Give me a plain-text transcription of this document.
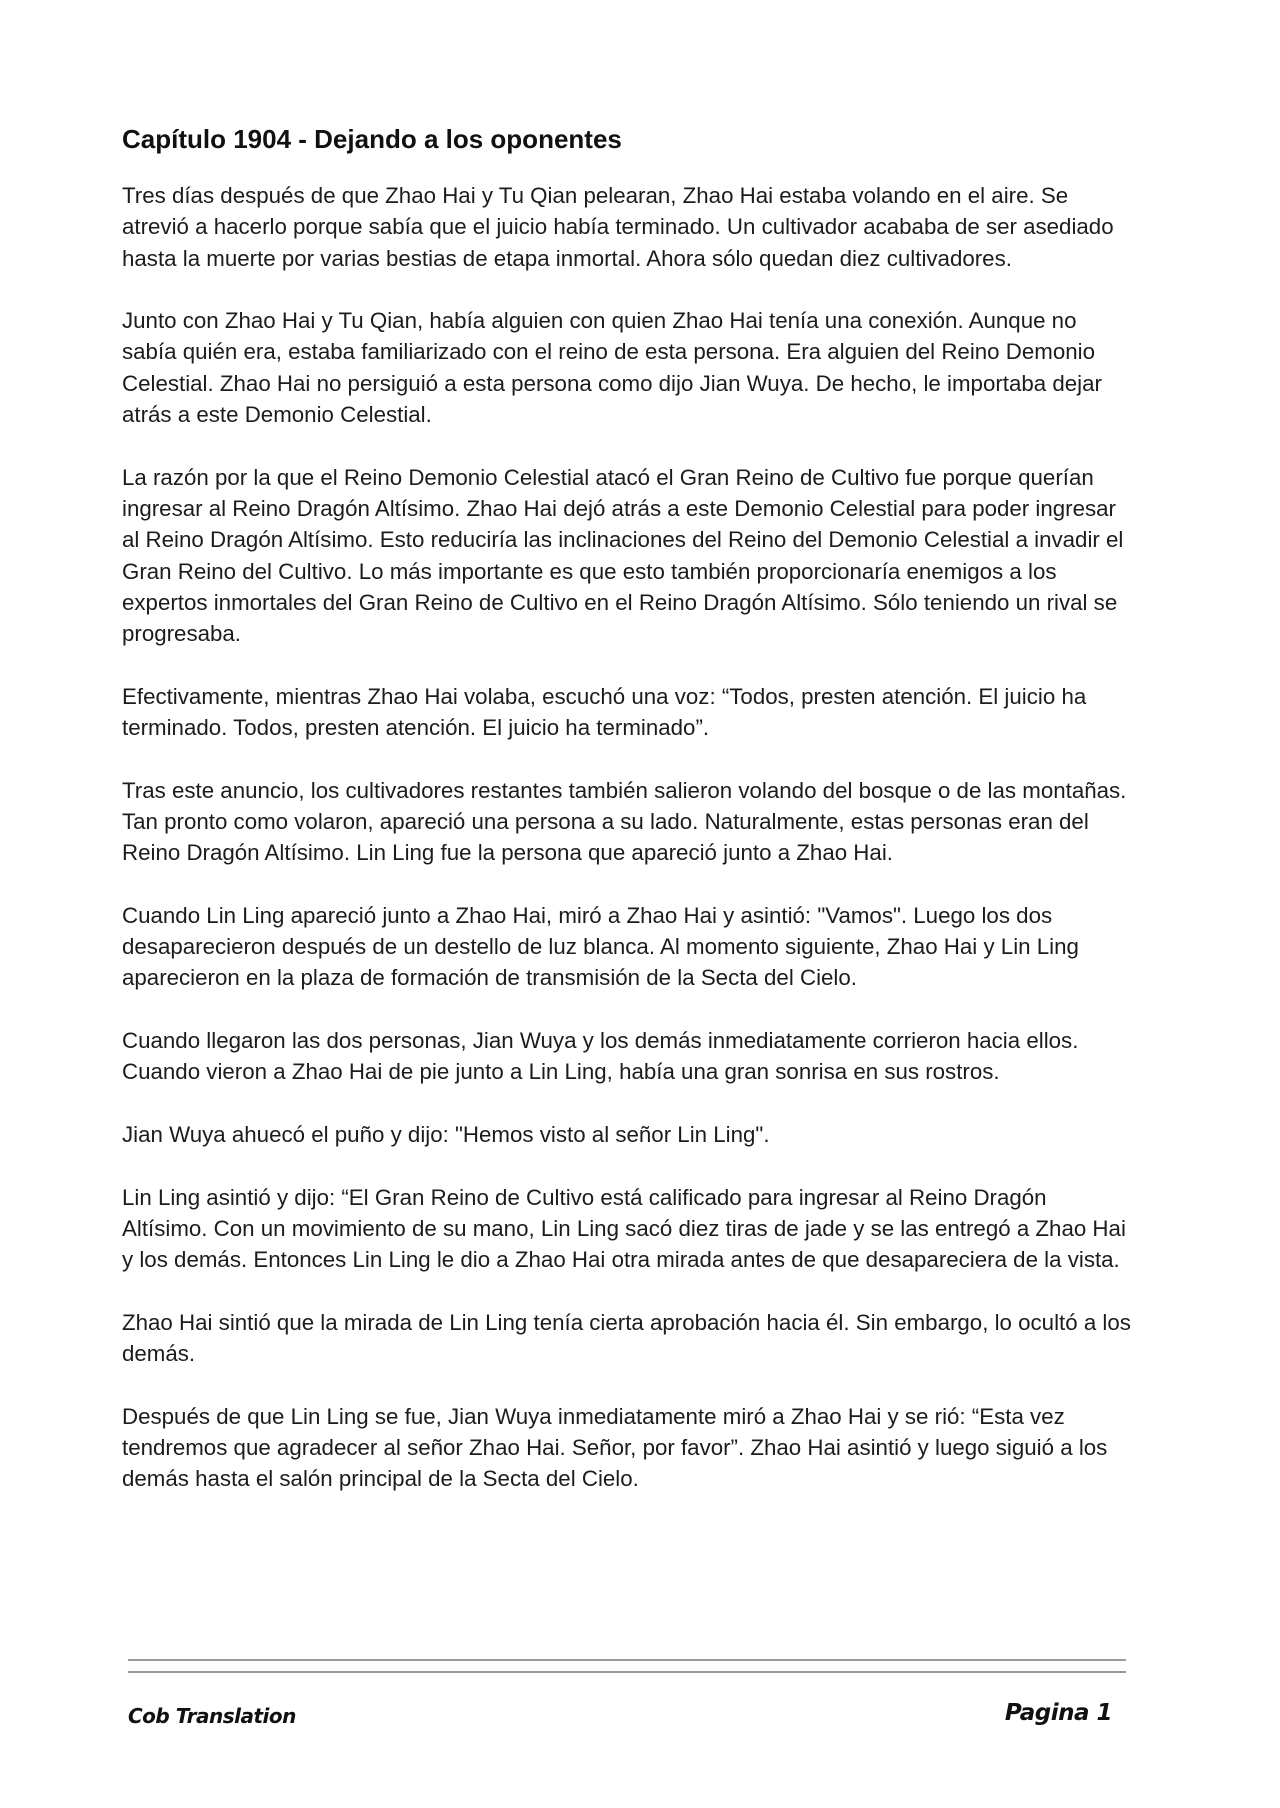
Capítulo 1904 - Dejando a los oponentes

Tres días después de que Zhao Hai y Tu Qian pelearan, Zhao Hai estaba volando en el aire. Se atrevió a hacerlo porque sabía que el juicio había terminado. Un cultivador acababa de ser asediado hasta la muerte por varias bestias de etapa inmortal. Ahora sólo quedan diez cultivadores.

Junto con Zhao Hai y Tu Qian, había alguien con quien Zhao Hai tenía una conexión. Aunque no sabía quién era, estaba familiarizado con el reino de esta persona. Era alguien del Reino Demonio Celestial. Zhao Hai no persiguió a esta persona como dijo Jian Wuya. De hecho, le importaba dejar atrás a este Demonio Celestial.

La razón por la que el Reino Demonio Celestial atacó el Gran Reino de Cultivo fue porque querían ingresar al Reino Dragón Altísimo. Zhao Hai dejó atrás a este Demonio Celestial para poder ingresar al Reino Dragón Altísimo. Esto reduciría las inclinaciones del Reino del Demonio Celestial a invadir el Gran Reino del Cultivo. Lo más importante es que esto también proporcionaría enemigos a los expertos inmortales del Gran Reino de Cultivo en el Reino Dragón Altísimo. Sólo teniendo un rival se progresaba.

Efectivamente, mientras Zhao Hai volaba, escuchó una voz: “Todos, presten atención. El juicio ha terminado. Todos, presten atención. El juicio ha terminado”.

Tras este anuncio, los cultivadores restantes también salieron volando del bosque o de las montañas. Tan pronto como volaron, apareció una persona a su lado. Naturalmente, estas personas eran del Reino Dragón Altísimo. Lin Ling fue la persona que apareció junto a Zhao Hai.

Cuando Lin Ling apareció junto a Zhao Hai, miró a Zhao Hai y asintió: "Vamos". Luego los dos desaparecieron después de un destello de luz blanca. Al momento siguiente, Zhao Hai y Lin Ling aparecieron en la plaza de formación de transmisión de la Secta del Cielo.

Cuando llegaron las dos personas, Jian Wuya y los demás inmediatamente corrieron hacia ellos. Cuando vieron a Zhao Hai de pie junto a Lin Ling, había una gran sonrisa en sus rostros.

Jian Wuya ahuecó el puño y dijo: "Hemos visto al señor Lin Ling".

Lin Ling asintió y dijo: “El Gran Reino de Cultivo está calificado para ingresar al Reino Dragón Altísimo. Con un movimiento de su mano, Lin Ling sacó diez tiras de jade y se las entregó a Zhao Hai y los demás. Entonces Lin Ling le dio a Zhao Hai otra mirada antes de que desapareciera de la vista.

Zhao Hai sintió que la mirada de Lin Ling tenía cierta aprobación hacia él. Sin embargo, lo ocultó a los demás.

Después de que Lin Ling se fue, Jian Wuya inmediatamente miró a Zhao Hai y se rió: “Esta vez tendremos que agradecer al señor Zhao Hai. Señor, por favor”. Zhao Hai asintió y luego siguió a los demás hasta el salón principal de la Secta del Cielo.

Cob Translation	Pagina 1
